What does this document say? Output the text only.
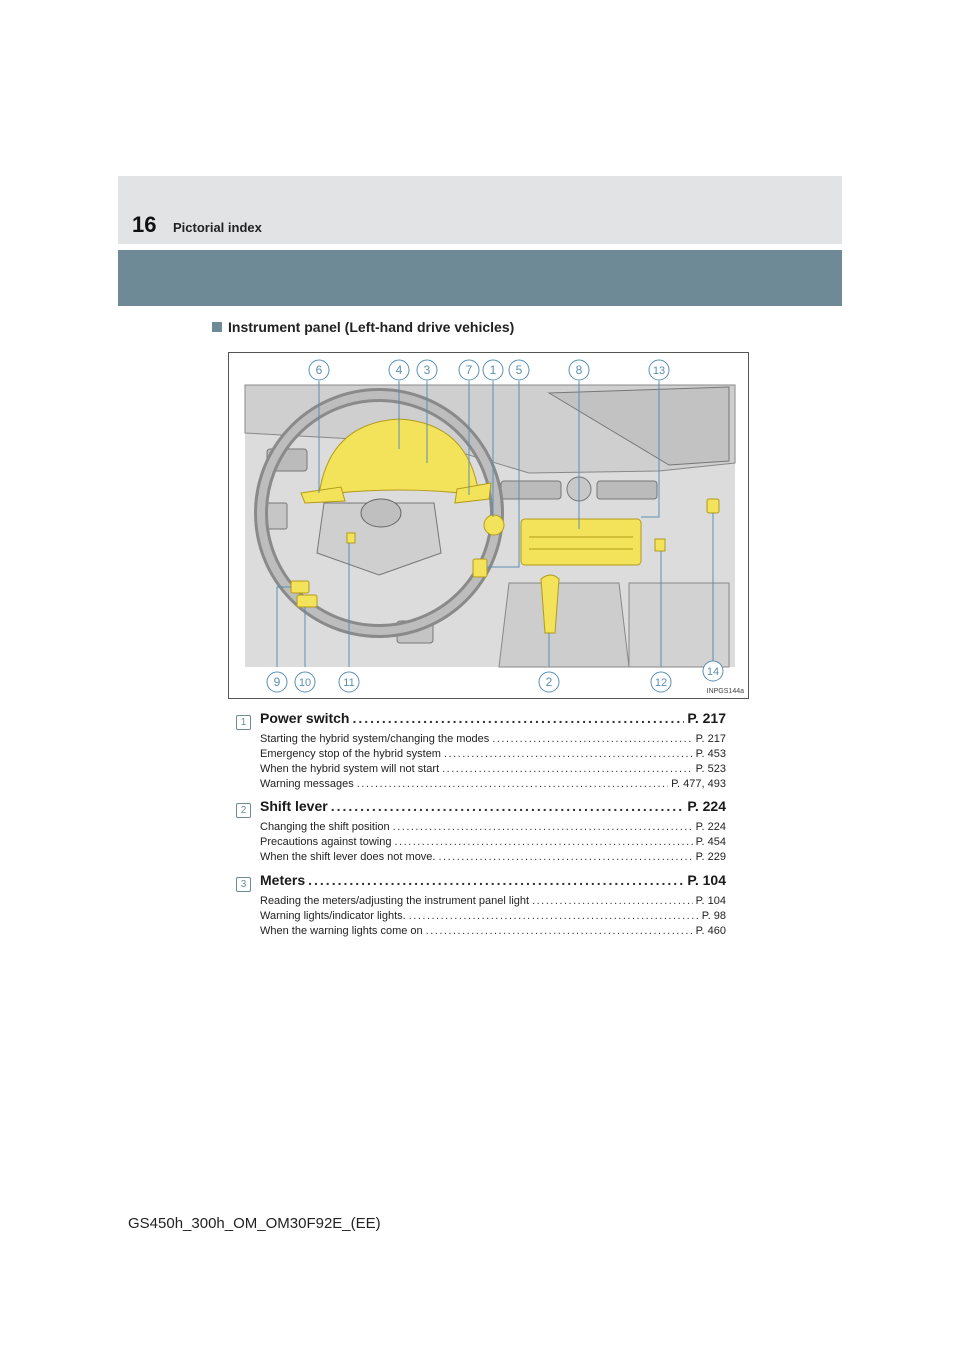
16 Pictorial index
Instrument panel (Left-hand drive vehicles)
6	4 3	7 1 5	8	13
9 10	11	2	12
14
INPGS144a
1 Power switch .....	P. 217
Starting the hybrid system/changing the modes .....	P. 217
Emergency stop of the hybrid system .....	P. 453
When the hybrid system will not start .....	P. 523
Warning messages .....	P. 477, 493
2 Shift lever .....	P. 224
Changing the shift position .....	P. 224
Precautions against towing .....	P. 454
When the shift lever does not move. .....	P. 229
3 Meters .....	P. 104
Reading the meters/adjusting the instrument panel light .....	P. 104
Warning lights/indicator lights. .....	P. 98
When the warning lights come on .....	P. 460
GS450h_300h_OM_OM30F92E_(EE)
